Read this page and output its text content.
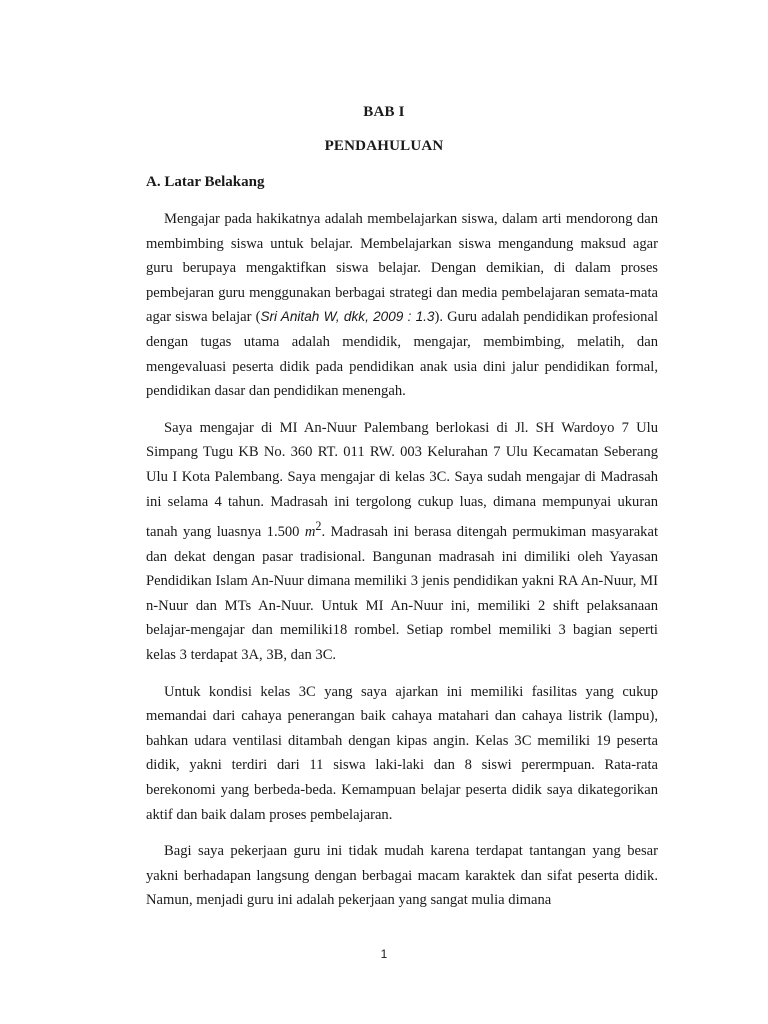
BAB I
PENDAHULUAN
A. Latar Belakang

Mengajar pada hakikatnya adalah membelajarkan siswa, dalam arti mendorong dan membimbing siswa untuk belajar. Membelajarkan siswa mengandung maksud agar guru berupaya mengaktifkan siswa belajar. Dengan demikian, di dalam proses pembejaran guru menggunakan berbagai strategi dan media pembelajaran semata-mata agar siswa belajar (Sri Anitah W, dkk, 2009 : 1.3). Guru adalah pendidikan profesional dengan tugas utama adalah mendidik, mengajar, membimbing, melatih, dan mengevaluasi peserta didik pada pendidikan anak usia dini jalur pendidikan formal, pendidikan dasar dan pendidikan menengah.

Saya mengajar di MI An-Nuur Palembang berlokasi di Jl. SH Wardoyo 7 Ulu Simpang Tugu KB No. 360 RT. 011 RW. 003 Kelurahan 7 Ulu Kecamatan Seberang Ulu I Kota Palembang. Saya mengajar di kelas 3C. Saya sudah mengajar di Madrasah ini selama 4 tahun. Madrasah ini tergolong cukup luas, dimana mempunyai ukuran tanah yang luasnya 1.500 $m^2$. Madrasah ini berasa ditengah permukiman masyarakat dan dekat dengan pasar tradisional. Bangunan madrasah ini dimiliki oleh Yayasan Pendidikan Islam An-Nuur dimana memiliki 3 jenis pendidikan yakni RA An-Nuur, MI n-Nuur dan MTs An-Nuur. Untuk MI An-Nuur ini, memiliki 2 shift pelaksanaan belajar-mengajar dan memiliki18 rombel. Setiap rombel memiliki 3 bagian seperti kelas 3 terdapat 3A, 3B, dan 3C.

Untuk kondisi kelas 3C yang saya ajarkan ini memiliki fasilitas yang cukup memandai dari cahaya penerangan baik cahaya matahari dan cahaya listrik (lampu), bahkan udara ventilasi ditambah dengan kipas angin. Kelas 3C memiliki 19 peserta didik, yakni terdiri dari 11 siswa laki-laki dan 8 siswi perermpuan. Rata-rata berekonomi yang berbeda-beda. Kemampuan belajar peserta didik saya dikategorikan aktif dan baik dalam proses pembelajaran.

Bagi saya pekerjaan guru ini tidak mudah karena terdapat tantangan yang besar yakni berhadapan langsung dengan berbagai macam karaktek dan sifat peserta didik. Namun, menjadi guru ini adalah pekerjaan yang sangat mulia dimana

1
